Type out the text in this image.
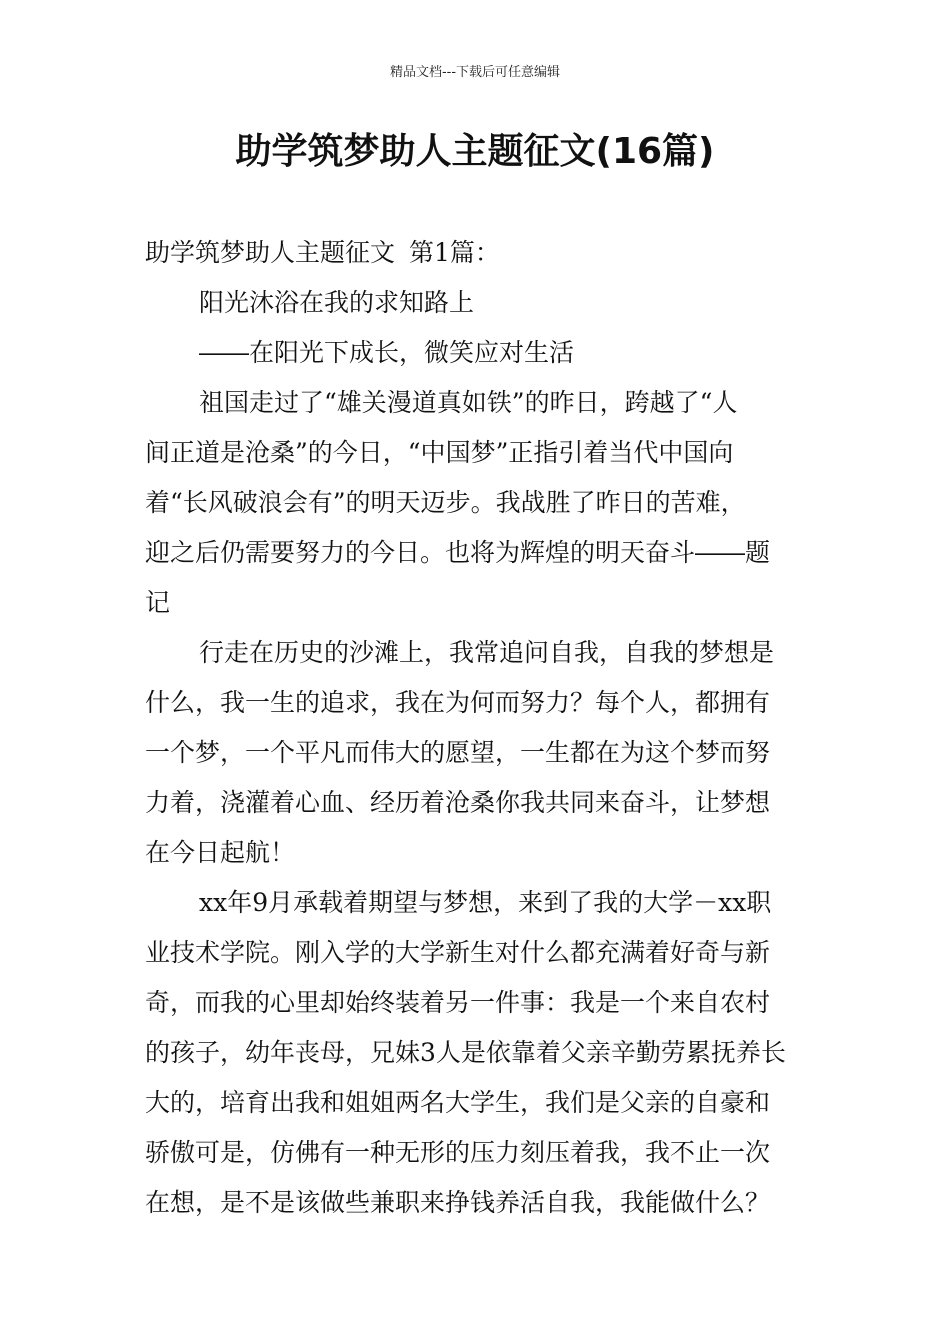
精品文档---下载后可任意编辑
助学筑梦助人主题征文(16篇)
助学筑梦助人主题征文 第1篇：
阳光沐浴在我的求知路上
――在阳光下成长，微笑应对生活
祖国走过了“雄关漫道真如铁”的昨日，跨越了“人
间正道是沧桑”的今日，“中国梦”正指引着当代中国向
着“长风破浪会有”的明天迈步。我战胜了昨日的苦难，
迎之后仍需要努力的今日。也将为辉煌的明天奋斗――题
记
行走在历史的沙滩上，我常追问自我，自我的梦想是
什么，我一生的追求，我在为何而努力？每个人，都拥有
一个梦，一个平凡而伟大的愿望，一生都在为这个梦而努
力着，浇灌着心血、经历着沧桑你我共同来奋斗，让梦想
在今日起航！
xx年9月承载着期望与梦想，来到了我的大学－xx职
业技术学院。刚入学的大学新生对什么都充满着好奇与新
奇，而我的心里却始终装着另一件事：我是一个来自农村
的孩子，幼年丧母，兄妹3人是依靠着父亲辛勤劳累抚养长
大的，培育出我和姐姐两名大学生，我们是父亲的自豪和
骄傲可是，仿佛有一种无形的压力刻压着我，我不止一次
在想，是不是该做些兼职来挣钱养活自我，我能做什么？
